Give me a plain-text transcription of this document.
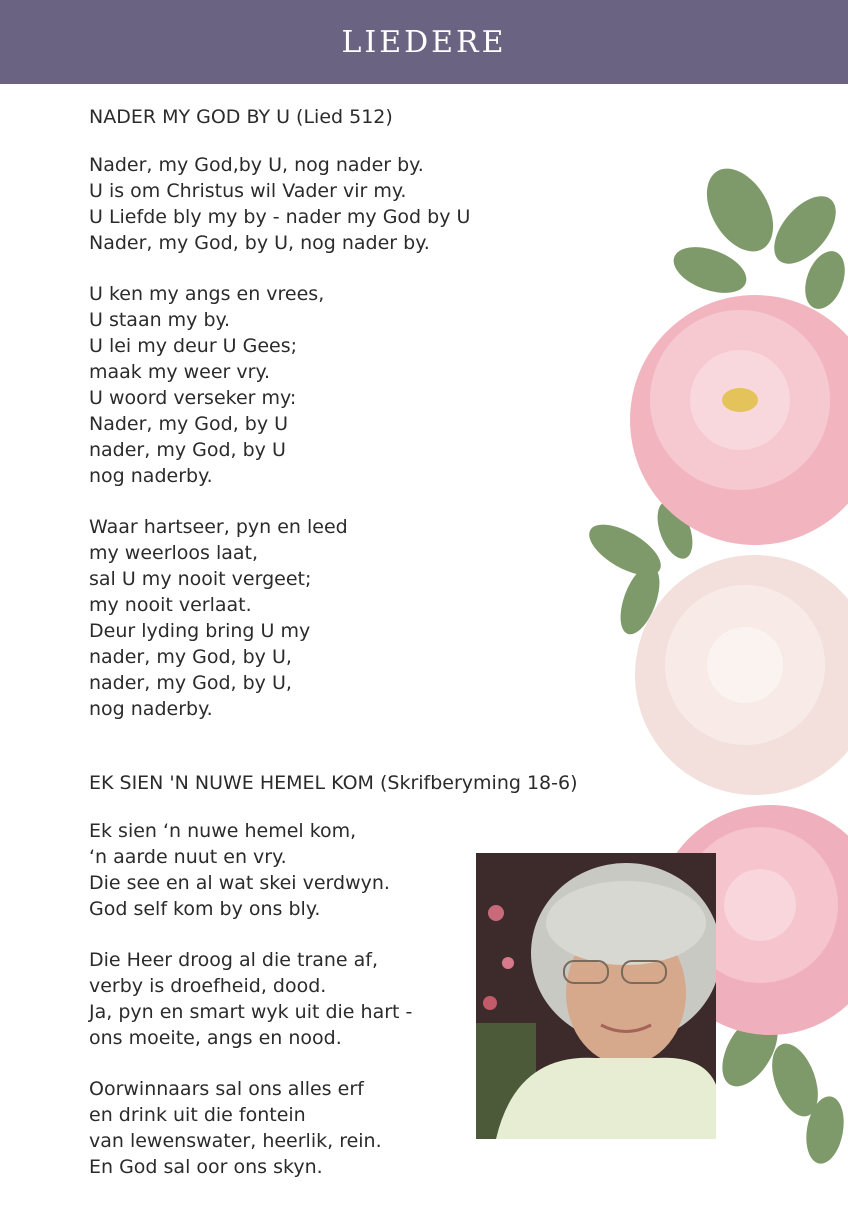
LIEDERE
NADER MY GOD BY U (Lied 512)
Nader, my God,by U, nog nader by.
U is om Christus wil Vader vir my.
U Liefde bly my by - nader my God by U
Nader, my God, by U, nog nader by.
U ken my angs en vrees,
U staan my by.
U lei my deur U Gees;
maak my weer vry.
U woord verseker my:
Nader, my God, by U
nader, my God, by U
nog naderby.
Waar hartseer, pyn en leed
my weerloos laat,
sal U my nooit vergeet;
my nooit verlaat.
Deur lyding bring U my
nader, my God, by U,
nader, my God, by U,
nog naderby.
EK SIEN 'N NUWE HEMEL KOM (Skrifberyming 18-6)
Ek sien ‘n nuwe hemel kom,
‘n aarde nuut en vry.
Die see en al wat skei verdwyn.
God self kom by ons bly.
Die Heer droog al die trane af,
verby is droefheid, dood.
Ja, pyn en smart wyk uit die hart -
ons moeite, angs en nood.
Oorwinnaars sal ons alles erf
en drink uit die fontein
van lewenswater, heerlik, rein.
En God sal oor ons skyn.
